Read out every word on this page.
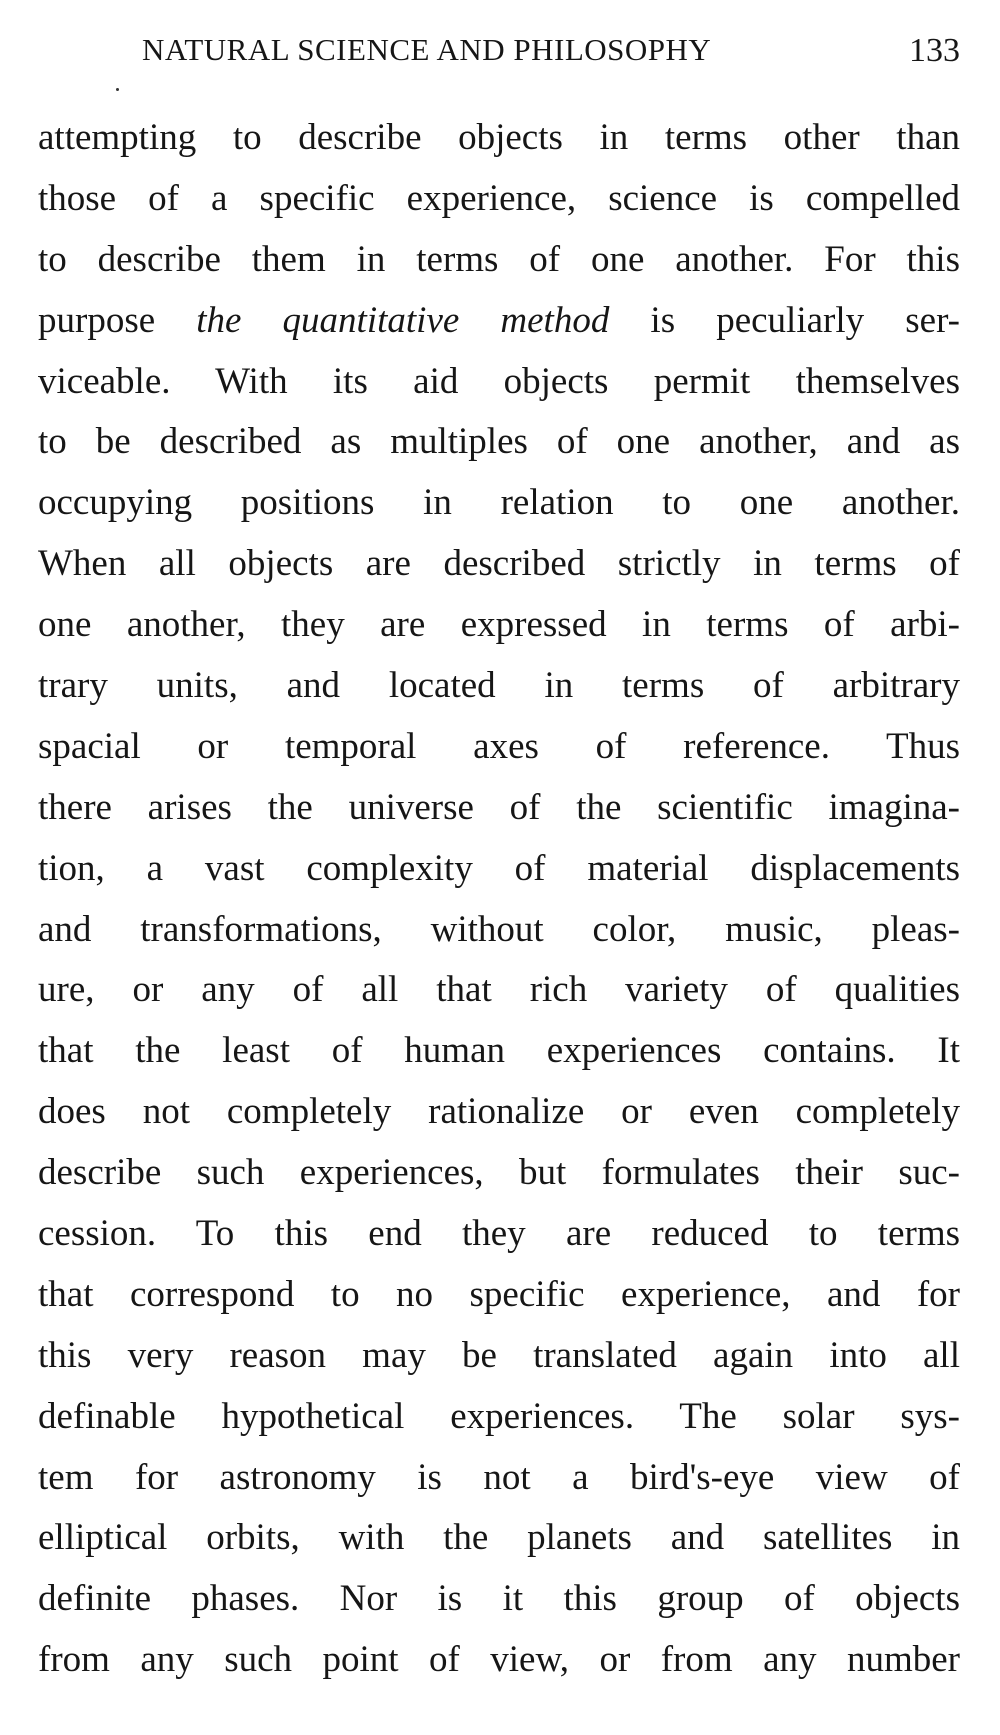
NATURAL SCIENCE AND PHILOSOPHY	133
attempting to describe objects in terms other than
those of a specific experience, science is compelled
to describe them in terms of one another. For this
purpose the quantitative method is peculiarly ser-
viceable. With its aid objects permit themselves
to be described as multiples of one another, and as
occupying positions in relation to one another.
When all objects are described strictly in terms of
one another, they are expressed in terms of arbi-
trary units, and located in terms of arbitrary
spacial or temporal axes of reference. Thus
there arises the universe of the scientific imagina-
tion, a vast complexity of material displacements
and transformations, without color, music, pleas-
ure, or any of all that rich variety of qualities
that the least of human experiences contains. It
does not completely rationalize or even completely
describe such experiences, but formulates their suc-
cession. To this end they are reduced to terms
that correspond to no specific experience, and for
this very reason may be translated again into all
definable hypothetical experiences. The solar sys-
tem for astronomy is not a bird's-eye view of
elliptical orbits, with the planets and satellites in
definite phases. Nor is it this group of objects
from any such point of view, or from any number
